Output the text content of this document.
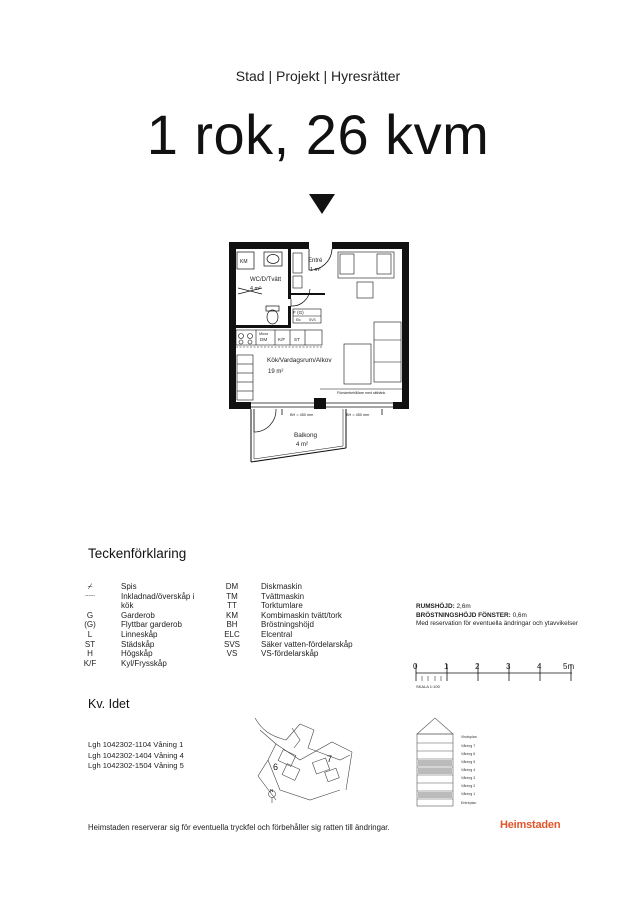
Stad | Projekt | Hyresrätter
1 rok, 26 kvm
KM
F (G)
Elc SVS
Micro
DM K/F ST
Fönsterbehållare med sittbänk
Entré
1 m²
WC/D/Tvätt
4 m²
Kök/Vardagsrum/Alkov
19 m²
BH = 450 mm	BH = 450 mm
Balkong
4 m²
0	1	2	3	4	5m
SKALA 1:100
6
7
N
Vindsplan
Våning 7
Våning 6
Våning 5
Våning 4
Våning 3
Våning 2
Våning 1
Entréplan
Teckenförklaring
⌿	Spis
------	Inkladnad/överskåp i
kök
G	Garderob
(G)	Flyttbar garderob
L	Linneskåp
ST	Städskåp
H	Högskåp
K/F	Kyl/Frysskåp
DM	Diskmaskin
TM	Tvättmaskin
TT	Torktumlare
KM	Kombimaskin tvätt/tork
BH	Bröstningshöjd
ELC	Elcentral
SVS	Säker vatten-fördelarskåp
VS	VS-fördelarskåp
RUMSHÖJD: 2,6m
BRÖSTNINGSHÖJD FÖNSTER: 0,6m
Med reservation för eventuella ändringar och ytavvikelser
Kv. Idet
Lgh 1042302-1104 Våning 1
Lgh 1042302-1404 Våning 4
Lgh 1042302-1504 Våning 5
Heimstaden reserverar sig för eventuella tryckfel och förbehåller sig ratten till ändringar.	Heimstaden
